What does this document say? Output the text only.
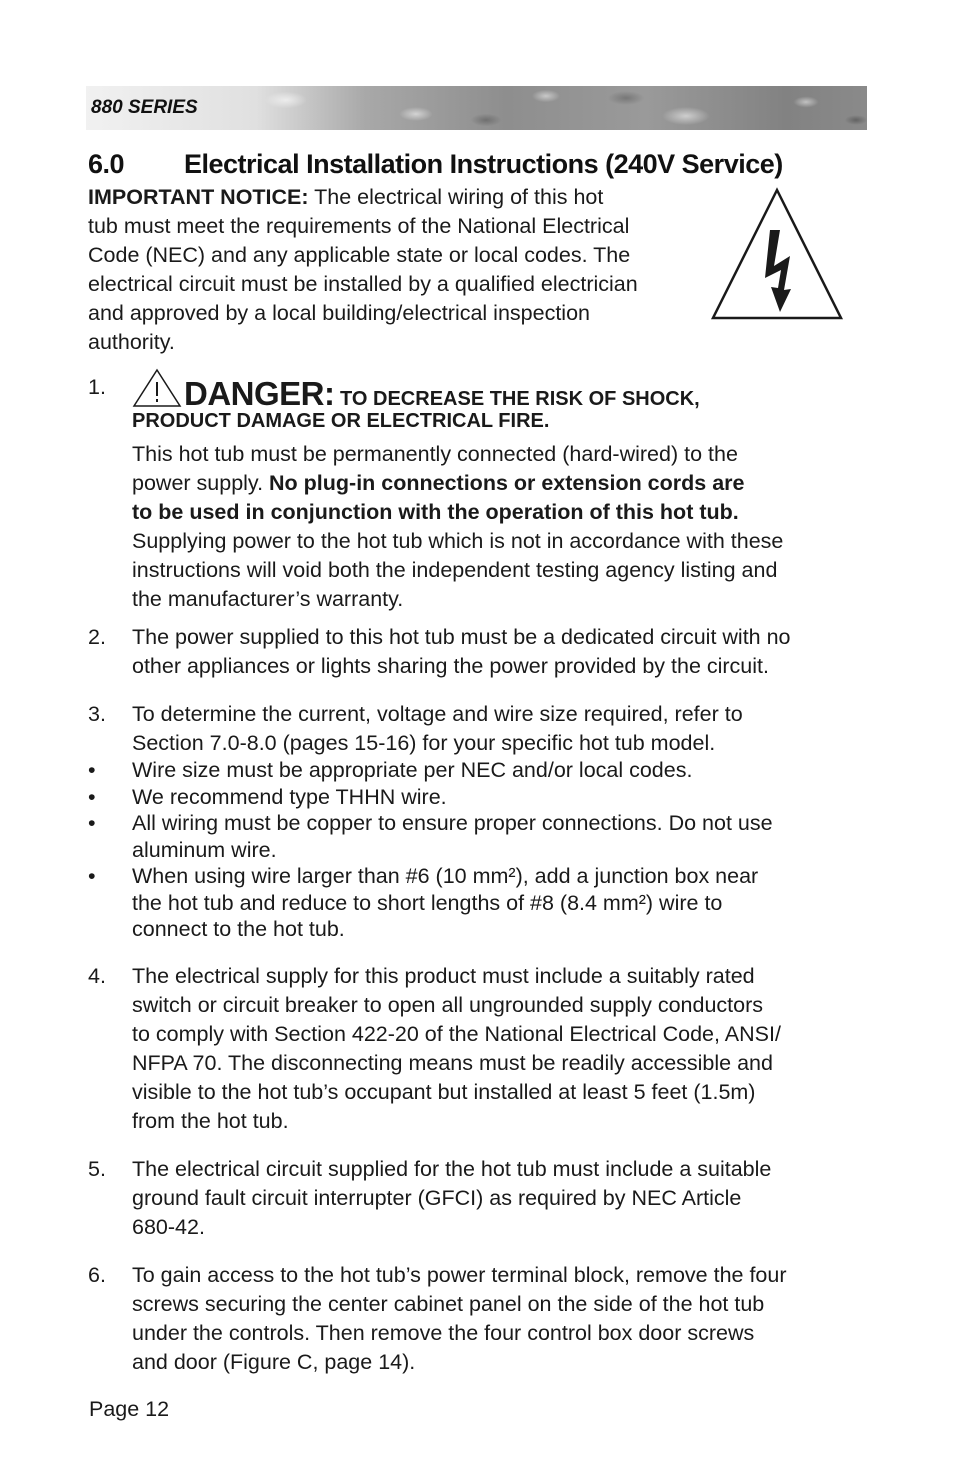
880 SERIES
6.0 Electrical Installation Instructions (240V Service)
IMPORTANT NOTICE: The electrical wiring of this hot
tub must meet the requirements of the National Electrical
Code (NEC) and any applicable state or local codes. The
electrical circuit must be installed by a qualified electrician
and approved by a local building/electrical inspection
authority.
1.	DANGER: TO DECREASE THE RISK OF SHOCK,
PRODUCT DAMAGE OR ELECTRICAL FIRE.
This hot tub must be permanently connected (hard-wired) to the
power supply. No plug-in connections or extension cords are
to be used in conjunction with the operation of this hot tub.
Supplying power to the hot tub which is not in accordance with these
instructions will void both the independent testing agency listing and
the manufacturer’s warranty.
2. The power supplied to this hot tub must be a dedicated circuit with no
other appliances or lights sharing the power provided by the circuit.
3. To determine the current, voltage and wire size required, refer to
Section 7.0-8.0 (pages 15-16) for your specific hot tub model.
• Wire size must be appropriate per NEC and/or local codes.
• We recommend type THHN wire.
• All wiring must be copper to ensure proper connections. Do not use
aluminum wire.
• When using wire larger than #6 (10 mm²), add a junction box near
the hot tub and reduce to short lengths of #8 (8.4 mm²) wire to
connect to the hot tub.
4. The electrical supply for this product must include a suitably rated
switch or circuit breaker to open all ungrounded supply conductors
to comply with Section 422-20 of the National Electrical Code, ANSI/
NFPA 70. The disconnecting means must be readily accessible and
visible to the hot tub’s occupant but installed at least 5 feet (1.5m)
from the hot tub.
5. The electrical circuit supplied for the hot tub must include a suitable
ground fault circuit interrupter (GFCI) as required by NEC Article
680-42.
6. To gain access to the hot tub’s power terminal block, remove the four
screws securing the center cabinet panel on the side of the hot tub
under the controls. Then remove the four control box door screws
and door (Figure C, page 14).
Page 12
